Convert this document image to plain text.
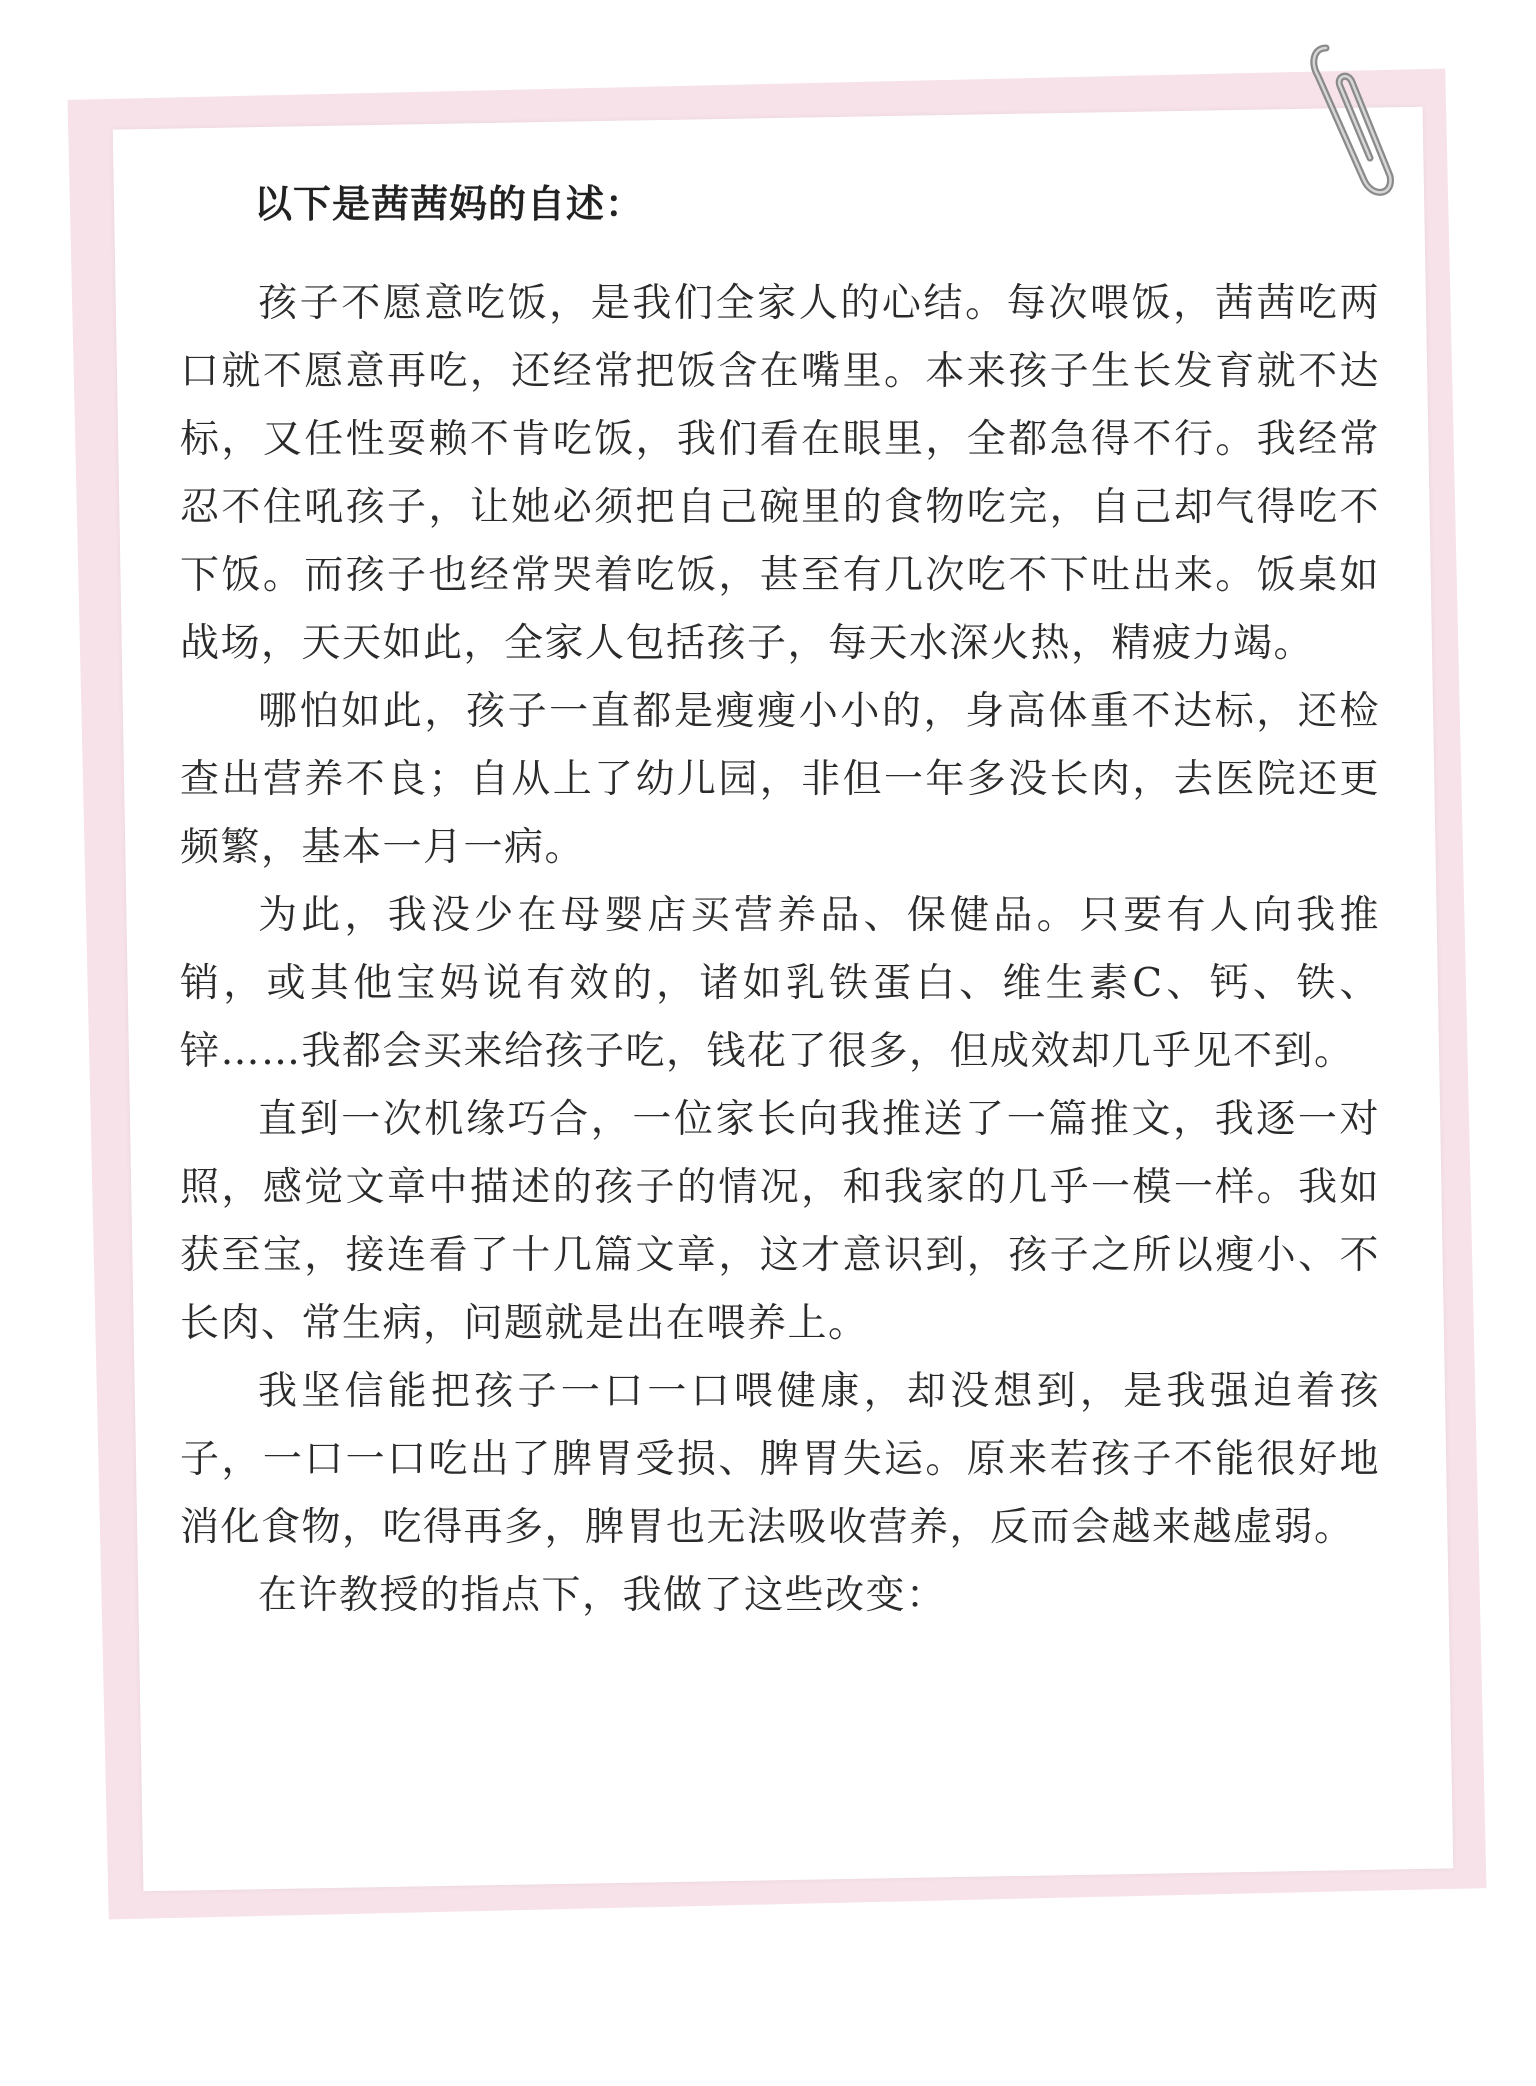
以下是茜茜妈的自述：

孩子不愿意吃饭，是我们全家人的心结。每次喂饭，茜茜吃两口就不愿意再吃，还经常把饭含在嘴里。本来孩子生长发育就不达标，又任性耍赖不肯吃饭，我们看在眼里，全都急得不行。我经常忍不住吼孩子，让她必须把自己碗里的食物吃完，自己却气得吃不下饭。而孩子也经常哭着吃饭，甚至有几次吃不下吐出来。饭桌如战场，天天如此，全家人包括孩子，每天水深火热，精疲力竭。

哪怕如此，孩子一直都是瘦瘦小小的，身高体重不达标，还检查出营养不良；自从上了幼儿园，非但一年多没长肉，去医院还更频繁，基本一月一病。

为此，我没少在母婴店买营养品、保健品。只要有人向我推销，或其他宝妈说有效的，诸如乳铁蛋白、维生素C、钙、铁、锌……我都会买来给孩子吃，钱花了很多，但成效却几乎见不到。

直到一次机缘巧合，一位家长向我推送了一篇推文，我逐一对照，感觉文章中描述的孩子的情况，和我家的几乎一模一样。我如获至宝，接连看了十几篇文章，这才意识到，孩子之所以瘦小、不长肉、常生病，问题就是出在喂养上。

我坚信能把孩子一口一口喂健康，却没想到，是我强迫着孩子，一口一口吃出了脾胃受损、脾胃失运。原来若孩子不能很好地消化食物，吃得再多，脾胃也无法吸收营养，反而会越来越虚弱。

在许教授的指点下，我做了这些改变：
